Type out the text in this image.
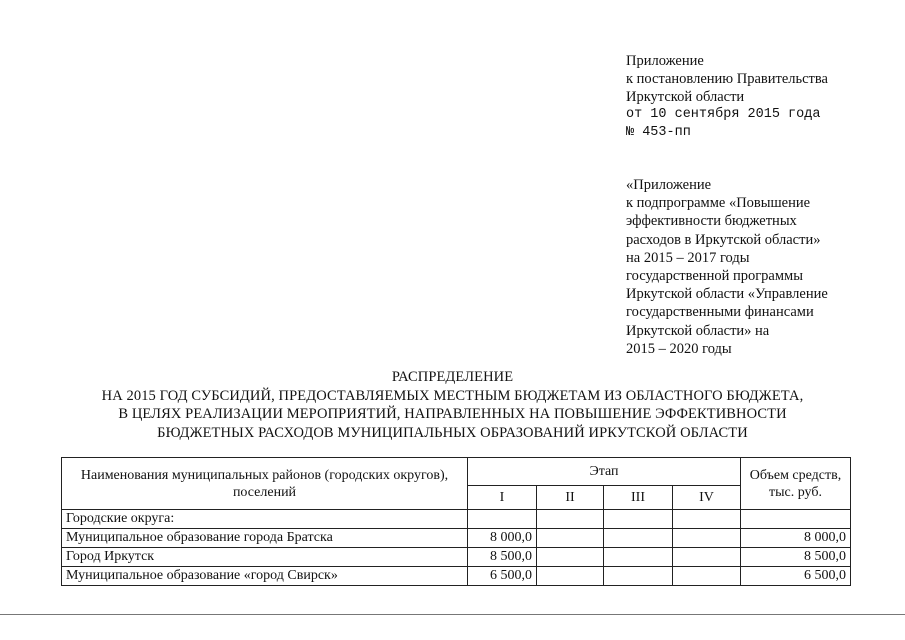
Приложение
к постановлению Правительства
Иркутской области
от 10 сентября 2015 года
№ 453-пп
«Приложение
к подпрограмме «Повышение
эффективности бюджетных
расходов в Иркутской области»
на 2015 – 2017 годы
государственной программы
Иркутской области «Управление
государственными финансами
Иркутской области» на
2015 – 2020 годы
РАСПРЕДЕЛЕНИЕ
НА 2015 ГОД СУБСИДИЙ, ПРЕДОСТАВЛЯЕМЫХ МЕСТНЫМ БЮДЖЕТАМ ИЗ ОБЛАСТНОГО БЮДЖЕТА,
В ЦЕЛЯХ РЕАЛИЗАЦИИ МЕРОПРИЯТИЙ, НАПРАВЛЕННЫХ НА ПОВЫШЕНИЕ ЭФФЕКТИВНОСТИ
БЮДЖЕТНЫХ РАСХОДОВ МУНИЦИПАЛЬНЫХ ОБРАЗОВАНИЙ ИРКУТСКОЙ ОБЛАСТИ
Наименования муниципальных районов (городских округов), поселений	Этап				Объем средств, тыс. руб.
	I	II	III	IV	
Городские округа:					
Муниципальное образование города Братска	8 000,0				8 000,0
Город Иркутск	8 500,0				8 500,0
Муниципальное образование «город Свирск»	6 500,0				6 500,0
